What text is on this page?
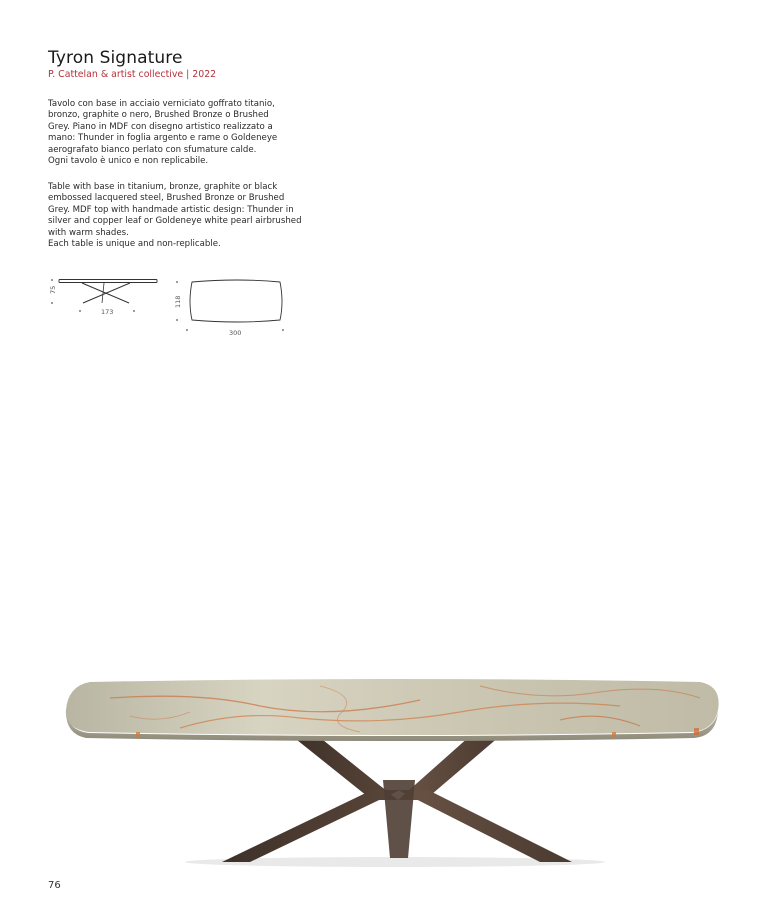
Tyron Signature
P. Cattelan & artist collective | 2022
Tavolo con base in acciaio verniciato goffrato titanio,
bronzo, graphite o nero, Brushed Bronze o Brushed
Grey. Piano in MDF con disegno artistico realizzato a
mano: Thunder in foglia argento e rame o Goldeneye
aerografato bianco perlato con sfumature calde.
Ogni tavolo è unico e non replicabile.
Table with base in titanium, bronze, graphite or black
embossed lacquered steel, Brushed Bronze or Brushed
Grey. MDF top with handmade artistic design: Thunder in
silver and copper leaf or Goldeneye white pearl airbrushed
with warm shades.
Each table is unique and non-replicable.
75
173
118
300
76
